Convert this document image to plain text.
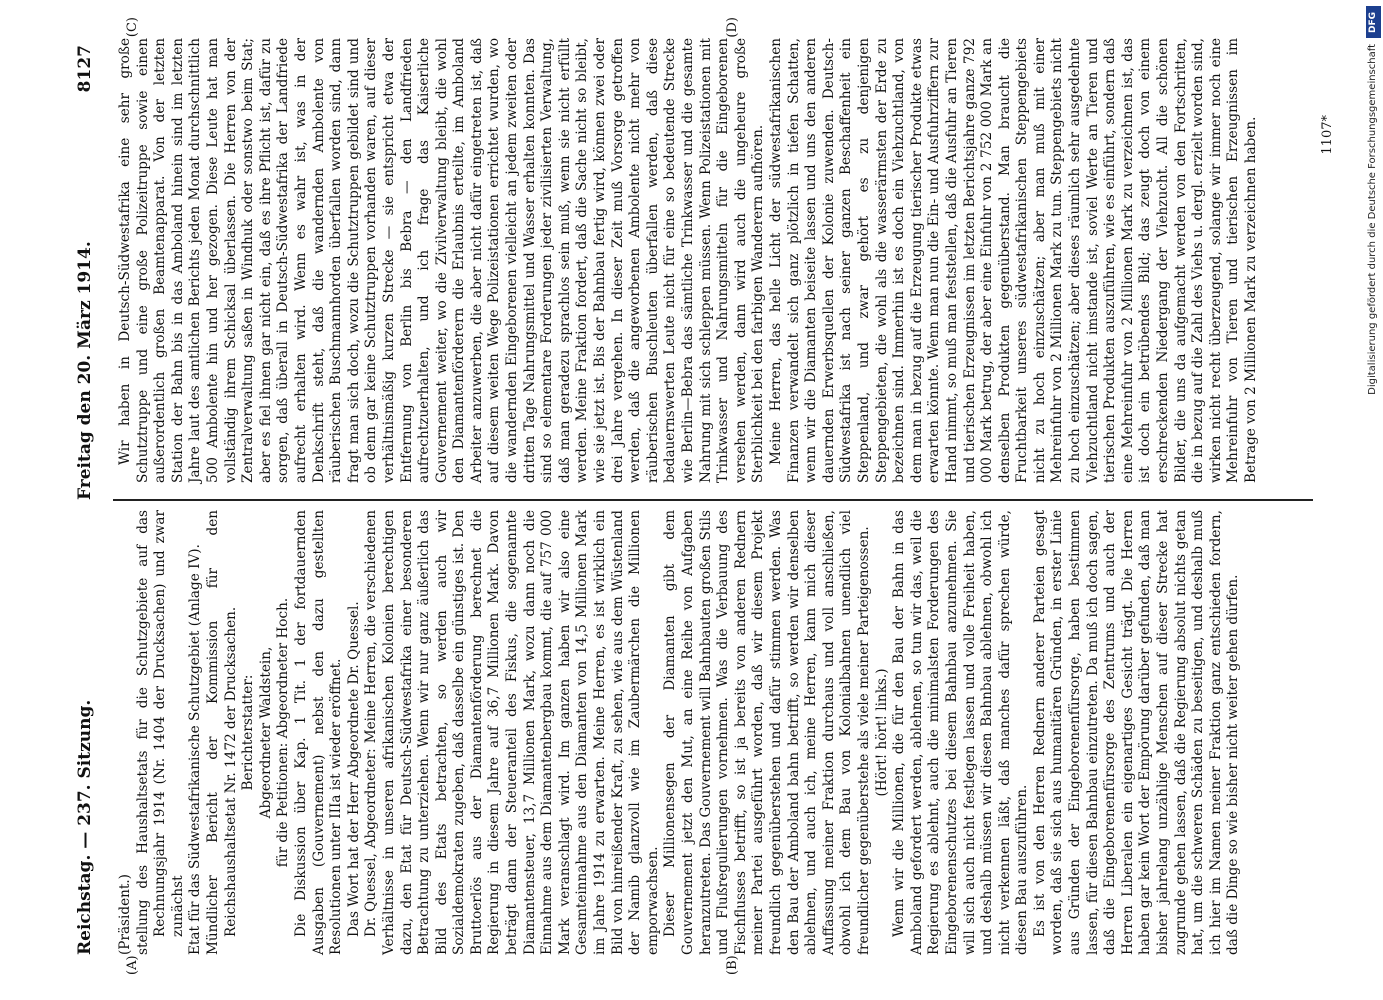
Reichstag. — 237. Sitzung.
Freitag den 20. März 1914.
8127
(A)	(B)
(C)	(D)

(Präsident.) stellung des Haushaltsetats für die Schutzgebiete auf das Rechnungsjahr 1914 (Nr. 1404 der Drucksachen) und zwar zunächst Etat für das Südwestafrikanische Schutzgebiet (Anlage IV). Mündlicher Bericht der Kommission für den Reichshaushaltsetat Nr. 1472 der Drucksachen. Berichterstatter: Abgeordneter Waldstein, für die Petitionen: Abgeordneter Hoch. Die Diskussion über Kap. 1 Tit. 1 der fortdauernden Ausgaben (Gouvernement) nebst den dazu gestellten Resolutionen unter IIIa ist wieder eröffnet. Das Wort hat der Herr Abgeordnete Dr. Quessel. Dr. Quessel, Abgeordneter: Meine Herren, die verschiedenen Verhältnisse in unseren afrikanischen Kolonien berechtigen dazu, den Etat für Deutsch-Südwestafrika einer besonderen Betrachtung zu unterziehen. Wenn wir nur ganz äußerlich das Bild des Etats betrachten, so werden auch wir Sozialdemokraten zugeben, daß dasselbe ein günstiges ist. Den Bruttoerlös aus der Diamantenförderung berechnet die Regierung in diesem Jahre auf 36,7 Millionen Mark. Davon beträgt dann der Steueranteil des Fiskus, die sogenannte Diamantensteuer, 13,7 Millionen Mark, wozu dann noch die Einnahme aus dem Diamantenbergbau kommt, die auf 757 000 Mark veranschlagt wird. Im ganzen haben wir also eine Gesamteinnahme aus den Diamanten von 14,5 Millionen Mark im Jahre 1914 zu erwarten. Meine Herren, es ist wirklich ein Bild von hinreißender Kraft, zu sehen, wie aus dem Wüstenland der Namib glanzvoll wie im Zaubermärchen die Millionen emporwachsen. Dieser Millionensegen der Diamanten gibt dem Gouvernement jetzt den Mut, an eine Reihe von Aufgaben heranzutreten. Das Gouvernement will Bahnbauten großen Stils und Flußregulierungen vornehmen. Was die Verbauung des Fischflusses betrifft, so ist ja bereits von anderen Rednern meiner Partei ausgeführt worden, daß wir diesem Projekt freundlich gegenüberstehen und dafür stimmen werden. Was den Bau der Amboland bahn betrifft, so werden wir denselben ablehnen, und auch ich, meine Herren, kann mich dieser Auffassung meiner Fraktion durchaus und voll anschließen, obwohl ich dem Bau von Kolonialbahnen unendlich viel freundlicher gegenüberstehe als viele meiner Parteigenossen. (Hört! hört! links.) Wenn wir die Millionen, die für den Bau der Bahn in das Amboland gefordert werden, ablehnen, so tun wir das, weil die Regierung es ablehnt, auch die minimalsten Forderungen des Eingeborenenschutzes bei diesem Bahnbau anzunehmen. Sie will sich auch nicht festlegen lassen und volle Freiheit haben, und deshalb müssen wir diesen Bahnbau ablehnen, obwohl ich nicht verkennen läßt, daß manches dafür sprechen würde, diesen Bau auszuführen. Es ist von den Herren Rednern anderer Parteien gesagt worden, daß sie sich aus humanitären Gründen, in erster Linie aus Gründen der Eingeborenenfürsorge, haben bestimmen lassen, für diesen Bahnbau einzutreten. Da muß ich doch sagen, daß die Eingeborenenfürsorge des Zentrums und auch der Herren Liberalen ein eigenartiges Gesicht trägt. Die Herren haben gar kein Wort der Empörung darüber gefunden, daß man bisher jahrelang unzählige Menschen auf dieser Strecke hat zugrunde gehen lassen, daß die Regierung absolut nichts getan hat, um die schweren Schäden zu beseitigen, und deshalb muß ich hier im Namen meiner Fraktion ganz entschieden fordern, daß die Dinge so wie bisher nicht weiter gehen dürfen.

Wir haben in Deutsch-Südwestafrika eine sehr große Schutztruppe und eine große Polizeitruppe sowie einen außerordentlich großen Beamtenapparat. Von der letzten Station der Bahn bis in das Amboland hinein sind im letzten Jahre laut des amtlichen Berichts jeden Monat durchschnittlich 500 Ambolente hin und her gezogen. Diese Leute hat man vollständig ihrem Schicksal überlassen. Die Herren von der Zentralverwaltung saßen in Windhuk oder sonstwo beim Stat; aber es fiel ihnen gar nicht ein, daß es ihre Pflicht ist, dafür zu sorgen, daß überall in Deutsch-Südwestafrika der Landfriede aufrecht erhalten wird. Wenn es wahr ist, was in der Denkschrift steht, daß die wandernden Ambolente von räuberischen Buschmannhorden überfallen worden sind, dann fragt man sich doch, wozu die Schutztruppen gebildet sind und ob denn gar keine Schutztruppen vorhanden waren, auf dieser verhältnismäßig kurzen Strecke — sie entspricht etwa der Entfernung von Berlin bis Bebra — den Landfrieden aufrechtzuerhalten, und ich frage das Kaiserliche Gouvernement weiter, wo die Zivilverwaltung bleibt, die wohl den Diamantenförderern die Erlaubnis erteilte, im Amboland Arbeiter anzuwerben, die aber nicht dafür eingetreten ist, daß auf diesem weiten Wege Polizeistationen errichtet wurden, wo die wandernden Eingeborenen vielleicht an jedem zweiten oder dritten Tage Nahrungsmittel und Wasser erhalten konnten. Das sind so elementare Forderungen jeder zivilisierten Verwaltung, daß man geradezu sprachlos sein muß, wenn sie nicht erfüllt werden. Meine Fraktion fordert, daß die Sache nicht so bleibt, wie sie jetzt ist. Bis der Bahnbau fertig wird, können zwei oder drei Jahre vergehen. In dieser Zeit muß Vorsorge getroffen werden, daß die angeworbenen Ambolente nicht mehr von räuberischen Buschleuten überfallen werden, daß diese bedauernswerten Leute nicht für eine so bedeutende Strecke wie Berlin—Bebra das sämtliche Trinkwasser und die gesamte Nahrung mit sich schleppen müssen. Wenn Polizeistationen mit Trinkwasser und Nahrungsmitteln für die Eingeborenen versehen werden, dann wird auch die ungeheure große Sterblichkeit bei den farbigen Wanderern aufhören. Meine Herren, das helle Licht der südwestafrikanischen Finanzen verwandelt sich ganz plötzlich in tiefen Schatten, wenn wir die Diamanten beiseite lassen und uns den anderen dauernden Erwerbsquellen der Kolonie zuwenden. Deutsch-Südwestafrika ist nach seiner ganzen Beschaffenheit ein Steppenland, und zwar gehört es zu denjenigen Steppengebieten, die wohl als die wasserärmsten der Erde zu bezeichnen sind. Immerhin ist es doch ein Viehzuchtland, von dem man in bezug auf die Erzeugung tierischer Produkte etwas erwarten könnte. Wenn man nun die Ein- und Ausfuhrziffern zur Hand nimmt, so muß man feststellen, daß die Ausfuhr an Tieren und tierischen Erzeugnissen im letzten Berichtsjahre ganze 792 000 Mark betrug, der aber eine Einfuhr von 2 752 000 Mark an denselben Produkten gegenüberstand. Man braucht die Fruchtbarkeit unseres südwestafrikanischen Steppengebiets nicht zu hoch einzuschätzen; aber man muß mit einer Mehreinfuhr von 2 Millionen Mark zu tun. Steppengebiets nicht zu hoch einzuschätzen; aber dieses räumlich sehr ausgedehnte Viehzuchtland nicht imstande ist, soviel Werte an Tieren und tierischen Produkten auszuführen, wie es einführt, sondern daß eine Mehreinfuhr von 2 Millionen Mark zu verzeichnen ist, das ist doch ein betrübendes Bild; das zeugt doch von einem erschreckenden Niedergang der Viehzucht. All die schönen Bilder, die uns da aufgemacht werden von den Fortschritten, die in bezug auf die Zahl des Viehs u. dergl. erzielt worden sind, wirken nicht recht überzeugend, solange wir immer noch eine Mehreinfuhr von Tieren und tierischen Erzeugnissen im Betrage von 2 Millionen Mark zu verzeichnen haben.	1107*
DFG
Digitalisierung gefördert durch die Deutsche Forschungsgemeinschaft
